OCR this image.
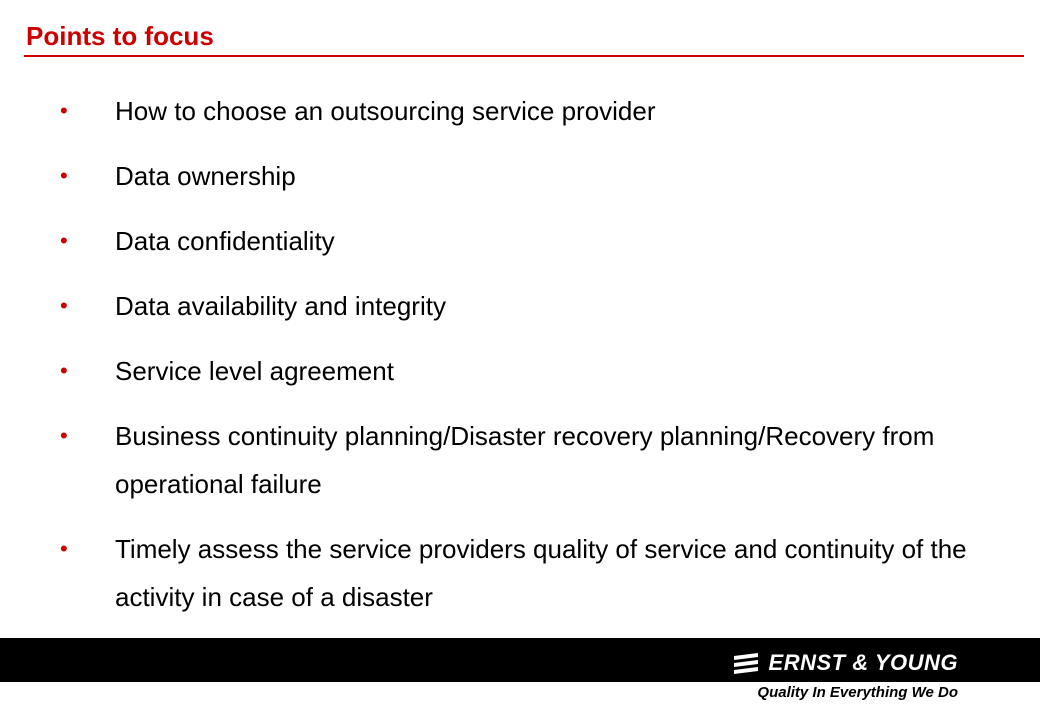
Points to focus
• How to choose an outsourcing service provider
• Data ownership
• Data confidentiality
• Data availability and integrity
• Service level agreement
• Business continuity planning/Disaster recovery planning/Recovery from operational failure
• Timely assess the service providers quality of service and continuity of the activity in case of a disaster
ERNST & YOUNG
Quality In Everything We Do
